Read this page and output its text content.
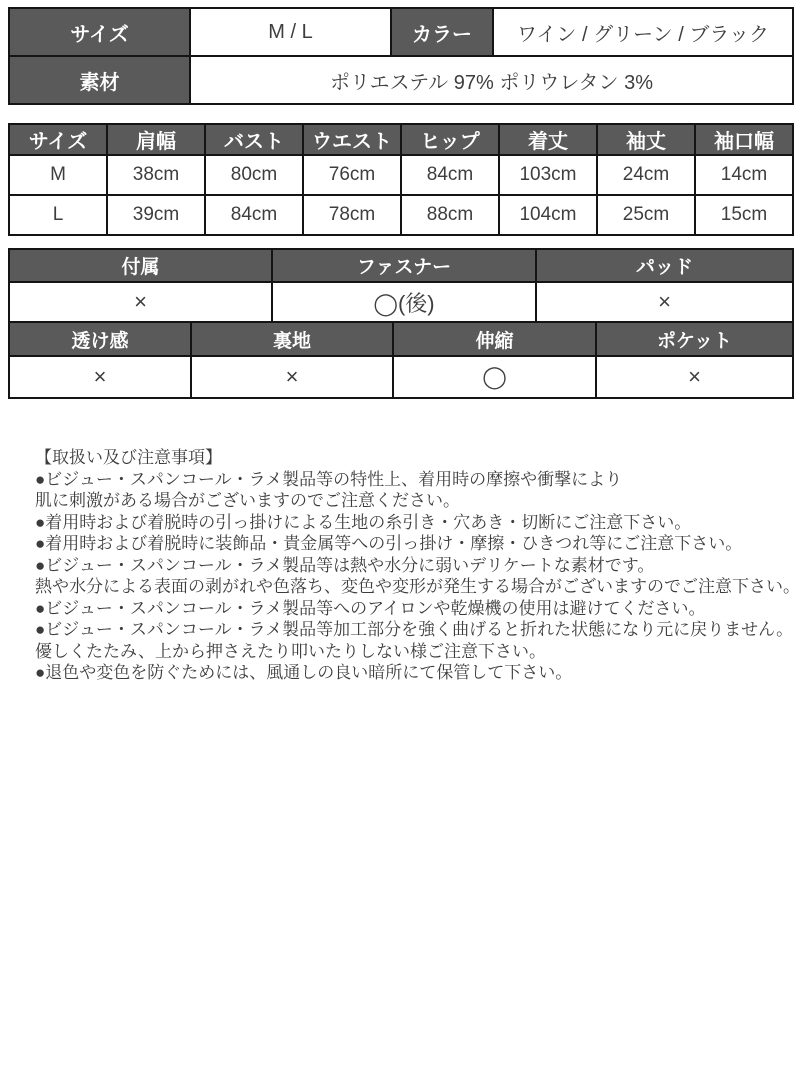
サイズ	M / L	カラー	ワイン / グリーン / ブラック
素材	ポリエステル 97% ポリウレタン 3%		
サイズ	肩幅	バスト	ウエスト	ヒップ	着丈	袖丈	袖口幅
M	38cm	80cm	76cm	84cm	103cm	24cm	14cm
L	39cm	84cm	78cm	88cm	104cm	25cm	15cm
付属	ファスナー	パッド
×	◯(後)	×
透け感	裏地	伸縮	ポケット
×	×	◯	×
【取扱い及び注意事項】
●ビジュー・スパンコール・ラメ製品等の特性上、着用時の摩擦や衝撃により
肌に刺激がある場合がございますのでご注意ください。
●着用時および着脱時の引っ掛けによる生地の糸引き・穴あき・切断にご注意下さい。
●着用時および着脱時に装飾品・貴金属等への引っ掛け・摩擦・ひきつれ等にご注意下さい。
●ビジュー・スパンコール・ラメ製品等は熱や水分に弱いデリケートな素材です。
熱や水分による表面の剥がれや色落ち、変色や変形が発生する場合がございますのでご注意下さい。
●ビジュー・スパンコール・ラメ製品等へのアイロンや乾燥機の使用は避けてください。
●ビジュー・スパンコール・ラメ製品等加工部分を強く曲げると折れた状態になり元に戻りません。
優しくたたみ、上から押さえたり叩いたりしない様ご注意下さい。
●退色や変色を防ぐためには、風通しの良い暗所にて保管して下さい。
